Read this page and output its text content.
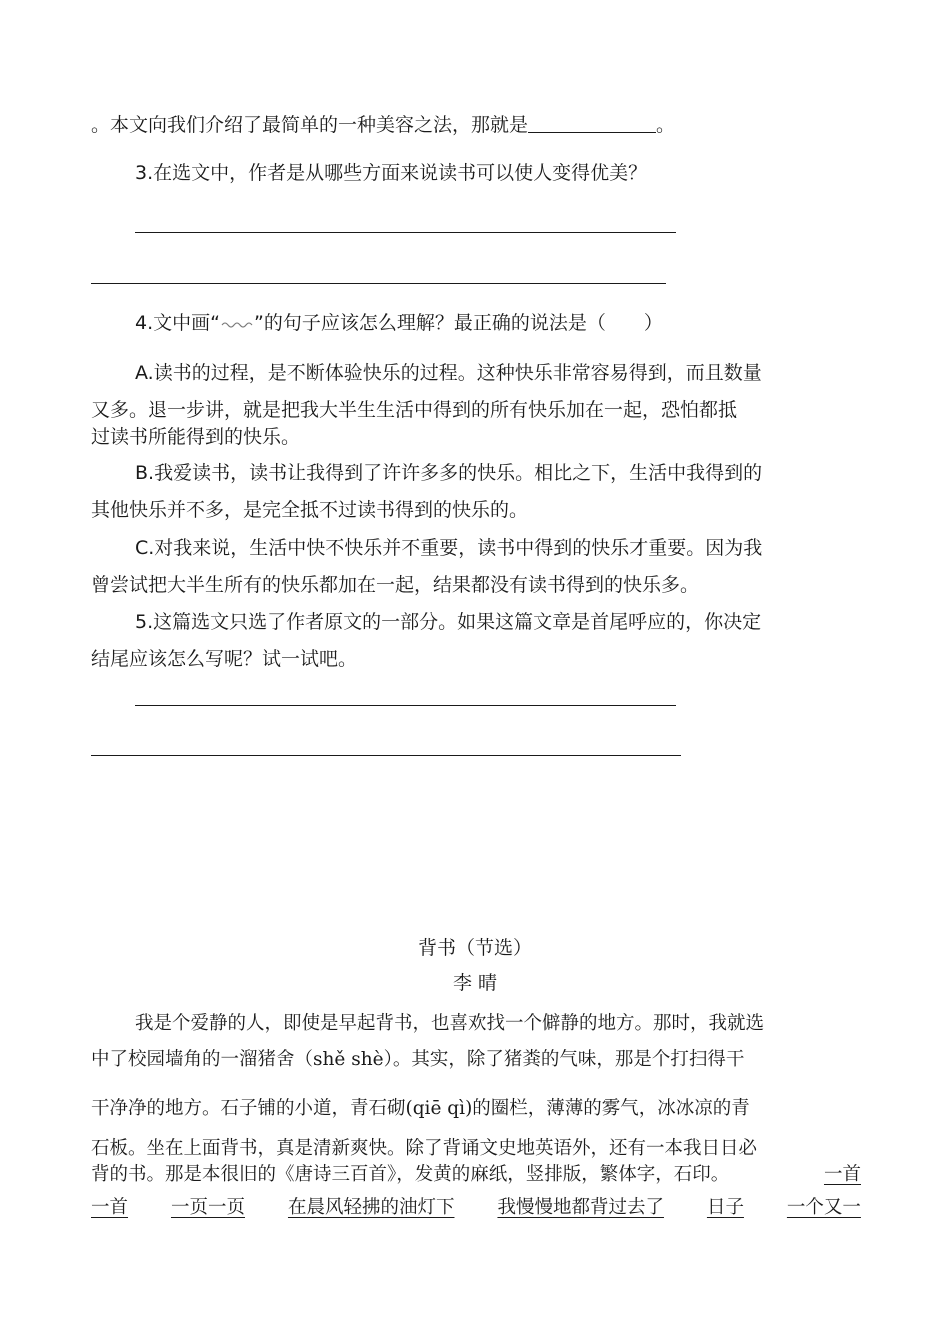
。本文向我们介绍了最简单的一种美容之法，那就是	。
3.在选文中，作者是从哪些方面来说读书可以使人变得优美？
4.文中画“ ”的句子应该怎么理解？最正确的说法是（　　）
A.读书的过程，是不断体验快乐的过程。这种快乐非常容易得到，而且数量
又多。退一步讲，就是把我大半生生活中得到的所有快乐加在一起，恐怕都抵
过读书所能得到的快乐。
B.我爱读书，读书让我得到了许许多多的快乐。相比之下，生活中我得到的
其他快乐并不多，是完全抵不过读书得到的快乐的。
C.对我来说，生活中快不快乐并不重要，读书中得到的快乐才重要。因为我
曾尝试把大半生所有的快乐都加在一起，结果都没有读书得到的快乐多。
5.这篇选文只选了作者原文的一部分。如果这篇文章是首尾呼应的，你决定
结尾应该怎么写呢？试一试吧。
背书（节选）
李 晴
我是个爱静的人，即使是早起背书，也喜欢找一个僻静的地方。那时，我就选
中了校园墙角的一溜猪舍（shě shè）。其实，除了猪粪的气味，那是个打扫得干
干净净的地方。石子铺的小道，青石砌(qiē qì)的圈栏，薄薄的雾气，冰冰凉的青
石板。坐在上面背书，真是清新爽快。除了背诵文史地英语外，还有一本我日日必
背的书。那是本很旧的《唐诗三百首》，发黄的麻纸，竖排版，繁体字，石印。	一首
一首 一页一页 在晨风轻拂的油灯下 我慢慢地都背过去了 日子 一个又一
